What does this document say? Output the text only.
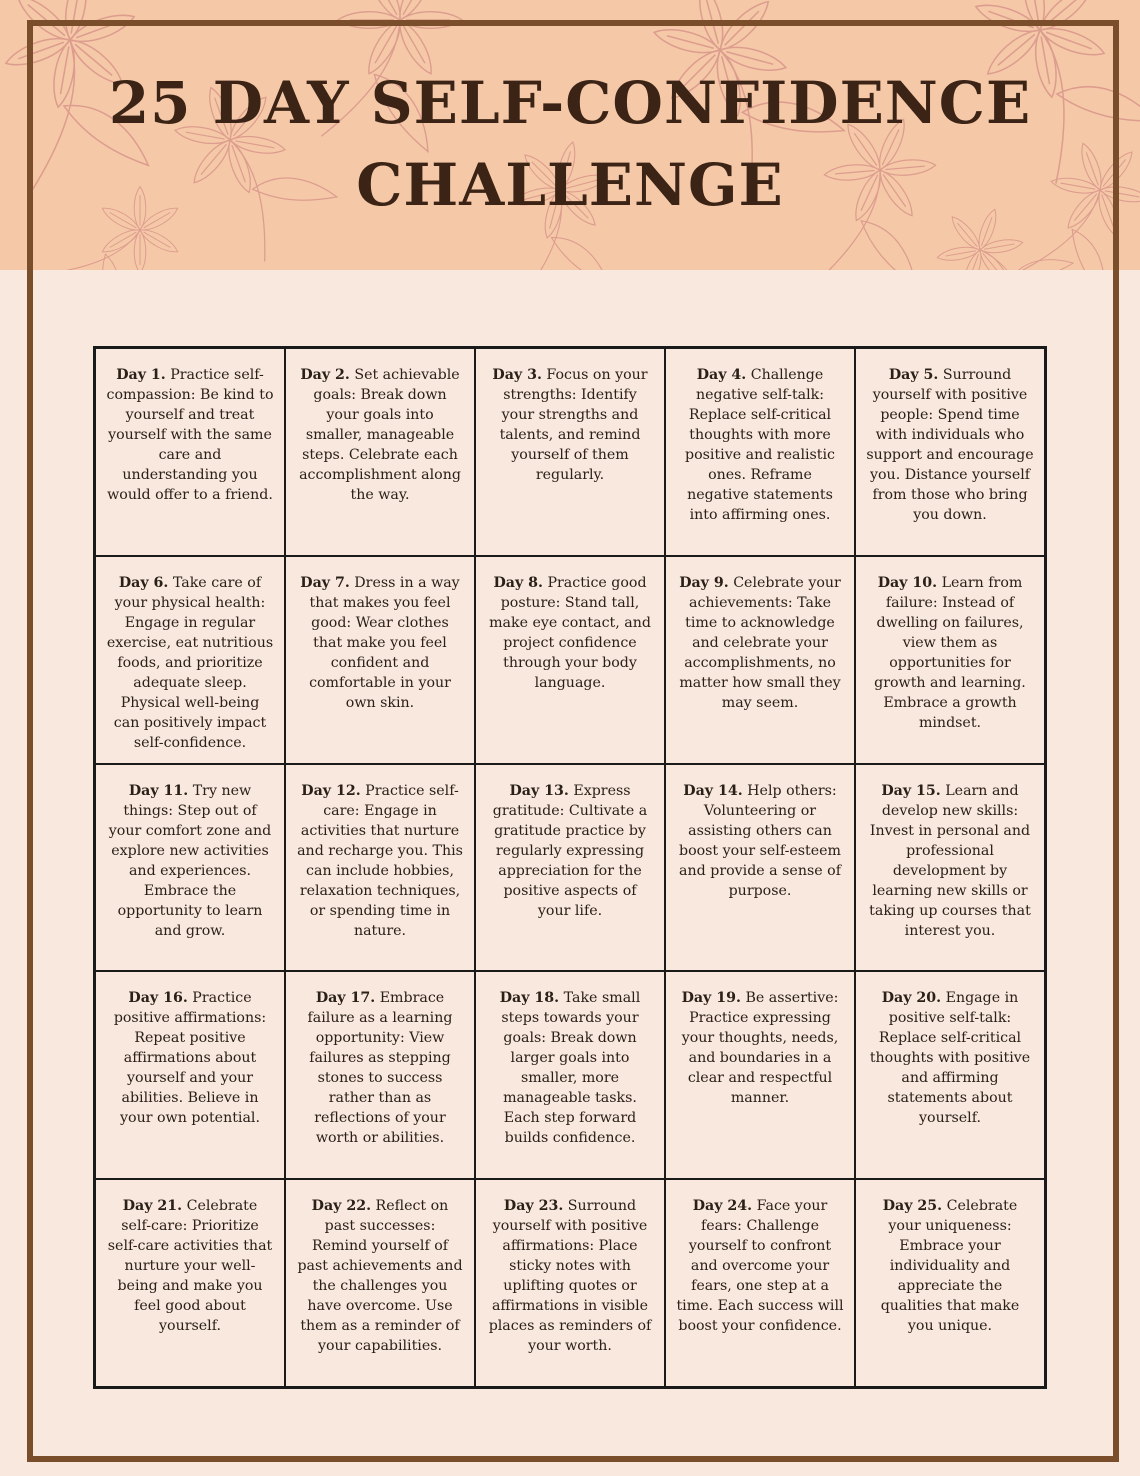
25 DAY SELF-CONFIDENCE
CHALLENGE
Day 1. Practice self-compassion: Be kind to yourself and treat yourself with the same care and understanding you would offer to a friend.
Day 2. Set achievable goals: Break down your goals into smaller, manageable steps. Celebrate each accomplishment along the way.
Day 3. Focus on your strengths: Identify your strengths and talents, and remind yourself of them regularly.
Day 4. Challenge negative self-talk: Replace self-critical thoughts with more positive and realistic ones. Reframe negative statements into affirming ones.
Day 5. Surround yourself with positive people: Spend time with individuals who support and encourage you. Distance yourself from those who bring you down.
Day 6. Take care of your physical health: Engage in regular exercise, eat nutritious foods, and prioritize adequate sleep. Physical well-being can positively impact self-confidence.
Day 7. Dress in a way that makes you feel good: Wear clothes that make you feel confident and comfortable in your own skin.
Day 8. Practice good posture: Stand tall, make eye contact, and project confidence through your body language.
Day 9. Celebrate your achievements: Take time to acknowledge and celebrate your accomplishments, no matter how small they may seem.
Day 10. Learn from failure: Instead of dwelling on failures, view them as opportunities for growth and learning. Embrace a growth mindset.
Day 11. Try new things: Step out of your comfort zone and explore new activities and experiences. Embrace the opportunity to learn and grow.
Day 12. Practice self-care: Engage in activities that nurture and recharge you. This can include hobbies, relaxation techniques, or spending time in nature.
Day 13. Express gratitude: Cultivate a gratitude practice by regularly expressing appreciation for the positive aspects of your life.
Day 14. Help others: Volunteering or assisting others can boost your self-esteem and provide a sense of purpose.
Day 15. Learn and develop new skills: Invest in personal and professional development by learning new skills or taking up courses that interest you.
Day 16. Practice positive affirmations: Repeat positive affirmations about yourself and your abilities. Believe in your own potential.
Day 17. Embrace failure as a learning opportunity: View failures as stepping stones to success rather than as reflections of your worth or abilities.
Day 18. Take small steps towards your goals: Break down larger goals into smaller, more manageable tasks. Each step forward builds confidence.
Day 19. Be assertive: Practice expressing your thoughts, needs, and boundaries in a clear and respectful manner.
Day 20. Engage in positive self-talk: Replace self-critical thoughts with positive and affirming statements about yourself.
Day 21. Celebrate self-care: Prioritize self-care activities that nurture your well-being and make you feel good about yourself.
Day 22. Reflect on past successes: Remind yourself of past achievements and the challenges you have overcome. Use them as a reminder of your capabilities.
Day 23. Surround yourself with positive affirmations: Place sticky notes with uplifting quotes or affirmations in visible places as reminders of your worth.
Day 24. Face your fears: Challenge yourself to confront and overcome your fears, one step at a time. Each success will boost your confidence.
Day 25. Celebrate your uniqueness: Embrace your individuality and appreciate the qualities that make you unique.
